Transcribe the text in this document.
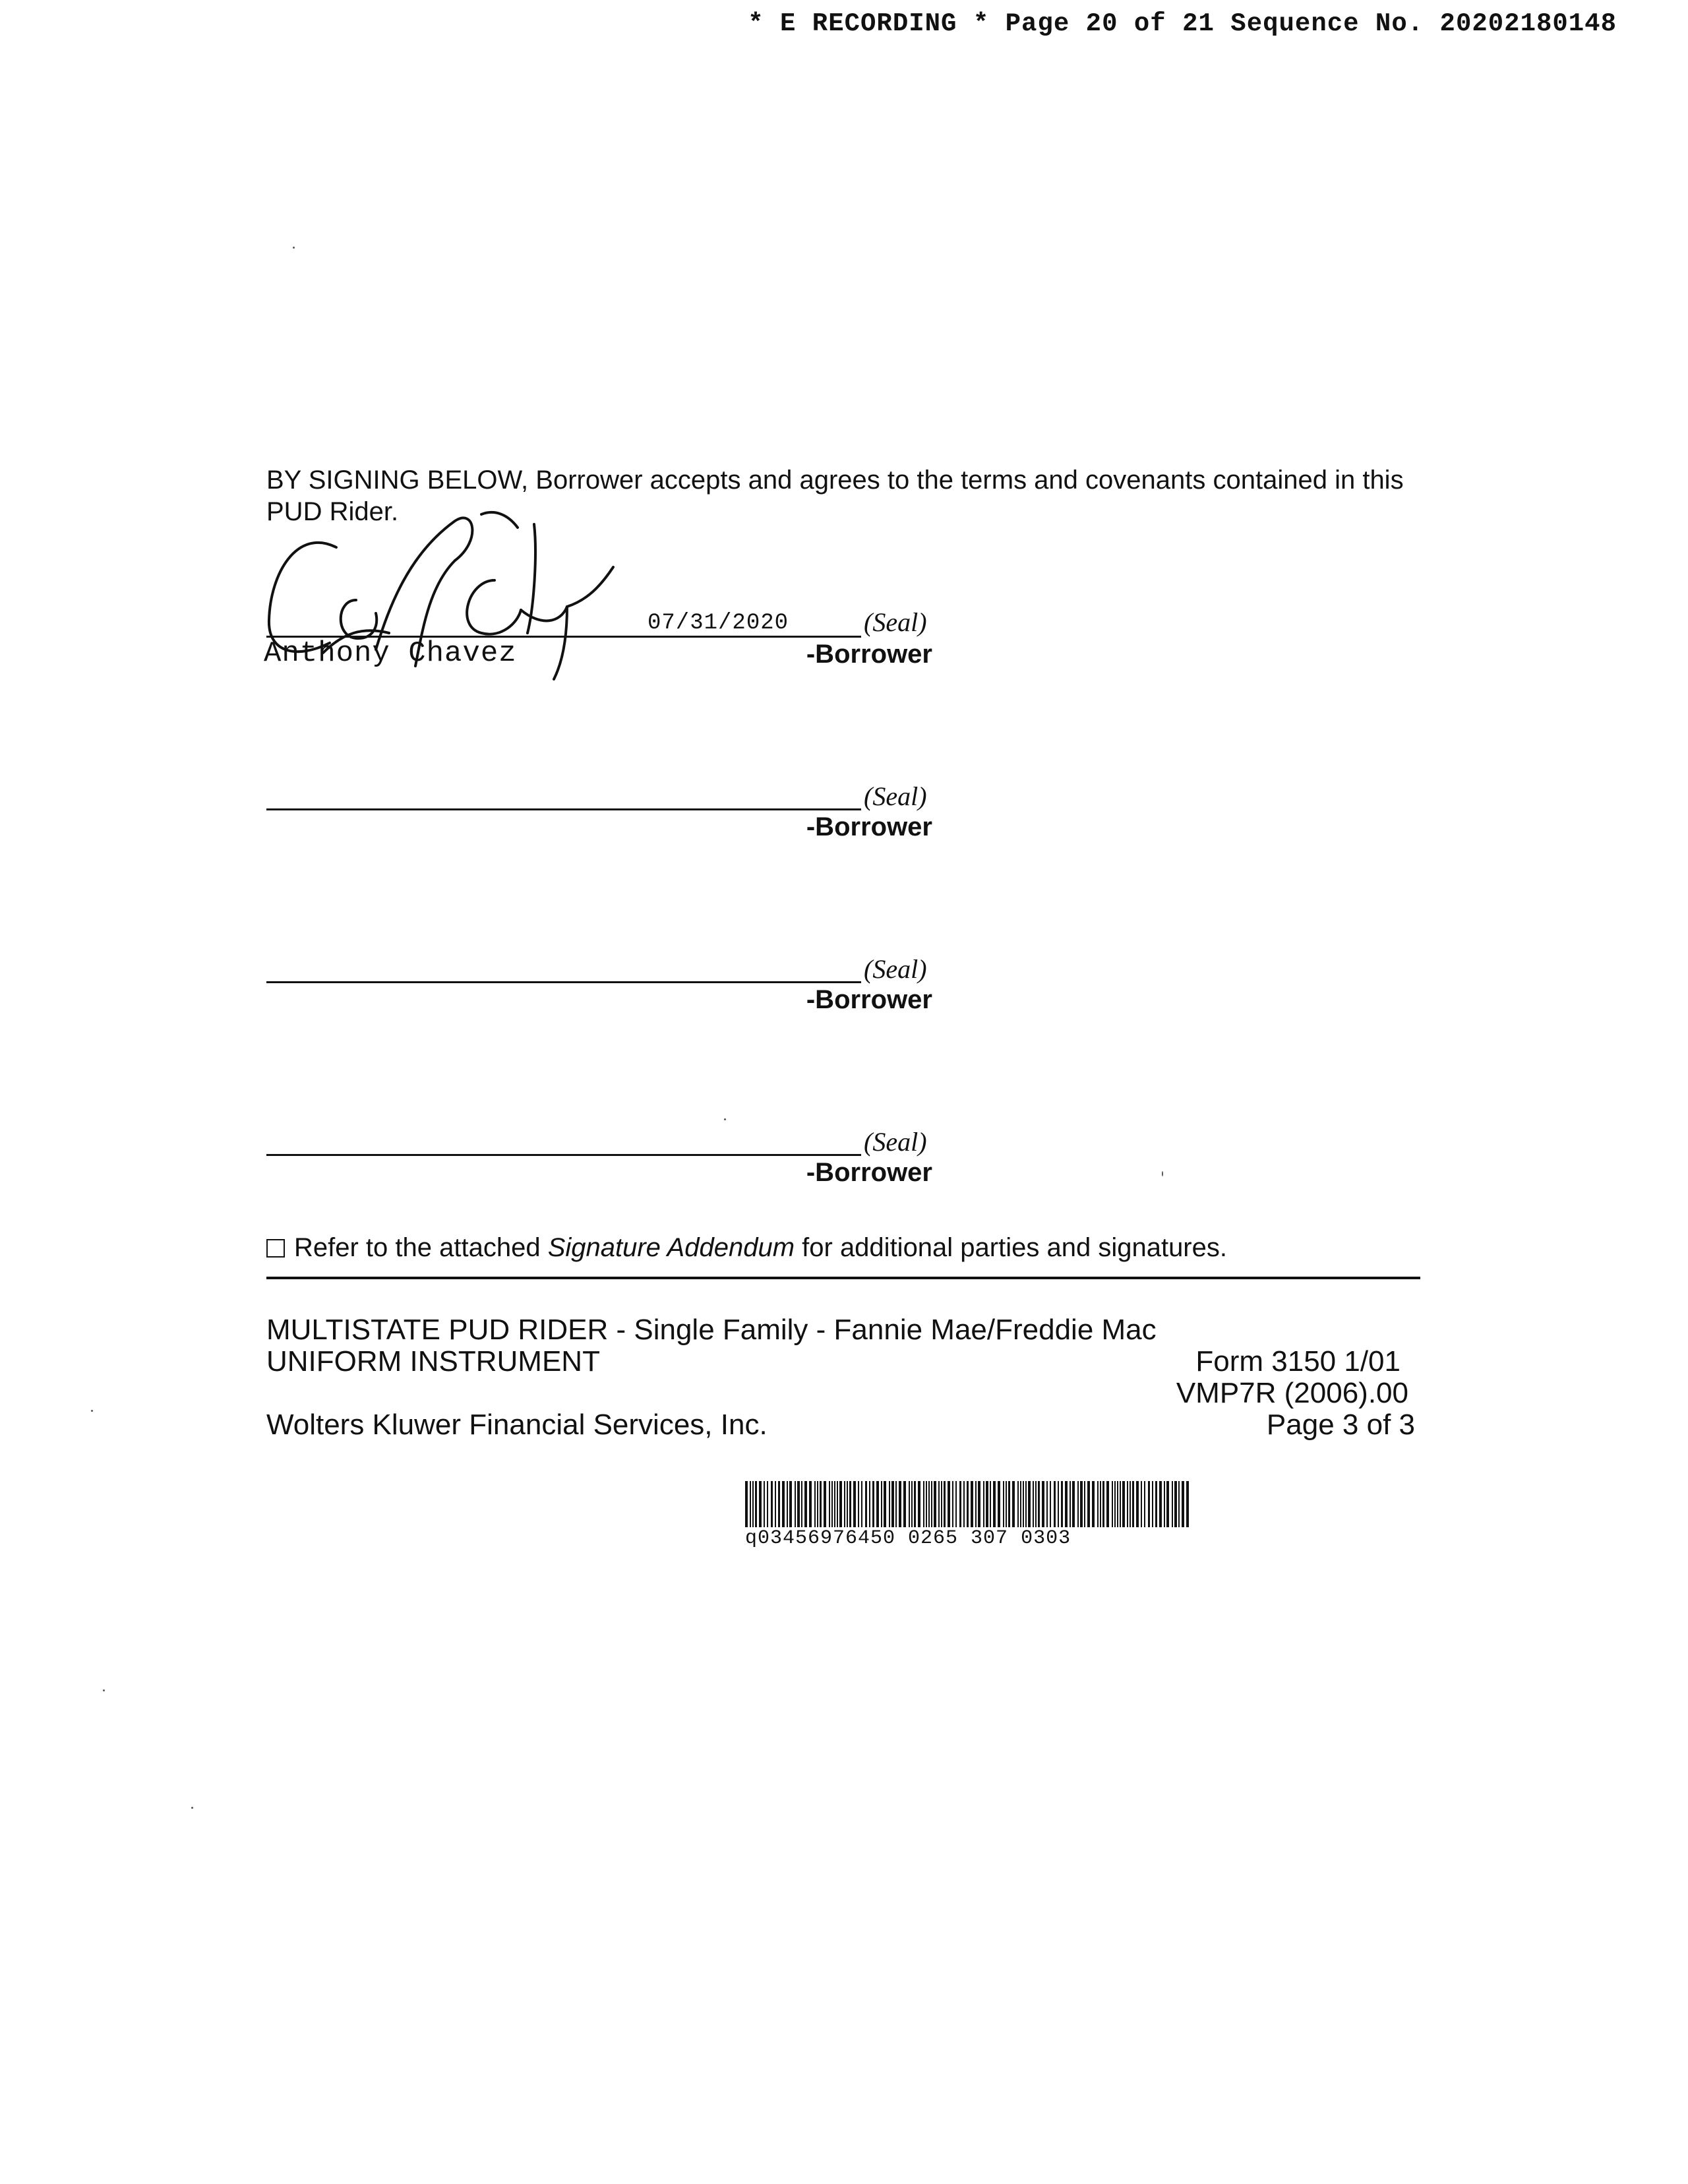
* E RECORDING * Page 20 of 21 Sequence No. 20202180148
BY SIGNING BELOW, Borrower accepts and agrees to the terms and covenants contained in this PUD Rider.
07/31/2020	(Seal)
Anthony Chavez	-Borrower
(Seal)
-Borrower
(Seal)
-Borrower
(Seal)
-Borrower
Refer to the attached Signature Addendum for additional parties and signatures.
MULTISTATE PUD RIDER - Single Family - Fannie Mae/Freddie Mac
UNIFORM INSTRUMENT	Form 3150 1/01
VMP7R (2006).00
Wolters Kluwer Financial Services, Inc.	Page 3 of 3
q03456976450 0265 307 0303
